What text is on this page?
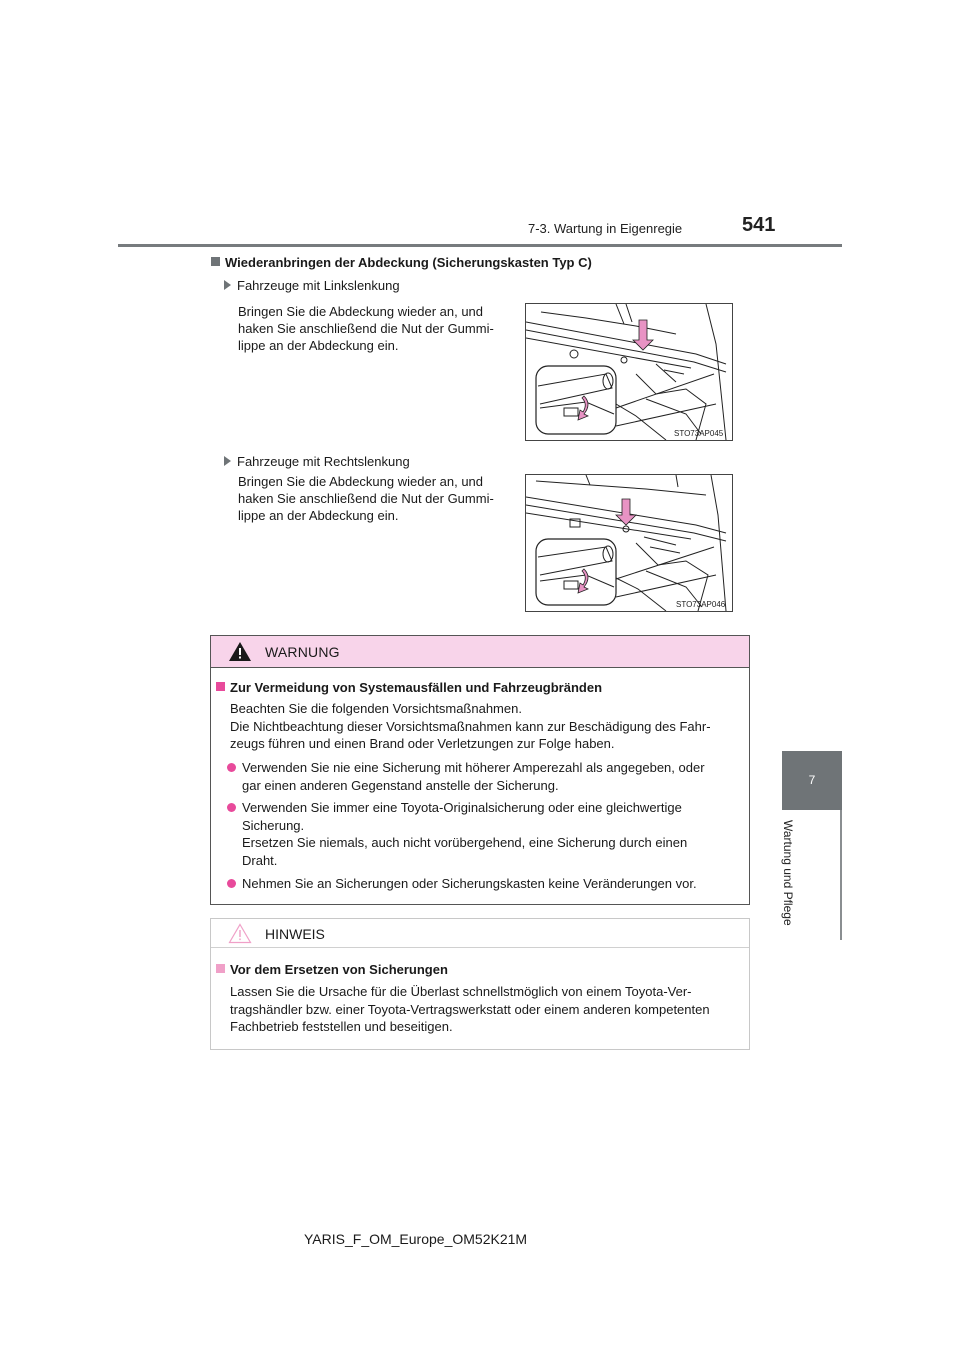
7-3. Wartung in Eigenregie	541
7
Wartung und Pflege
Wiederanbringen der Abdeckung (Sicherungskasten Typ C)
Fahrzeuge mit Linkslenkung
Bringen Sie die Abdeckung wieder an, und
haken Sie anschließend die Nut der Gummi-
lippe an der Abdeckung ein.
STO73AP045
Fahrzeuge mit Rechtslenkung
Bringen Sie die Abdeckung wieder an, und
haken Sie anschließend die Nut der Gummi-
lippe an der Abdeckung ein.
STO73AP046
WARNUNG
Zur Vermeidung von Systemausfällen und Fahrzeugbränden
Beachten Sie die folgenden Vorsichtsmaßnahmen.
Die Nichtbeachtung dieser Vorsichtsmaßnahmen kann zur Beschädigung des Fahr-
zeugs führen und einen Brand oder Verletzungen zur Folge haben.
Verwenden Sie nie eine Sicherung mit höherer Amperezahl als angegeben, oder
gar einen anderen Gegenstand anstelle der Sicherung.
Verwenden Sie immer eine Toyota-Originalsicherung oder eine gleichwertige
Sicherung.
Ersetzen Sie niemals, auch nicht vorübergehend, eine Sicherung durch einen
Draht.
Nehmen Sie an Sicherungen oder Sicherungskasten keine Veränderungen vor.
HINWEIS
Vor dem Ersetzen von Sicherungen
Lassen Sie die Ursache für die Überlast schnellstmöglich von einem Toyota-Ver-
tragshändler bzw. einer Toyota-Vertragswerkstatt oder einem anderen kompetenten
Fachbetrieb feststellen und beseitigen.
YARIS_F_OM_Europe_OM52K21M
